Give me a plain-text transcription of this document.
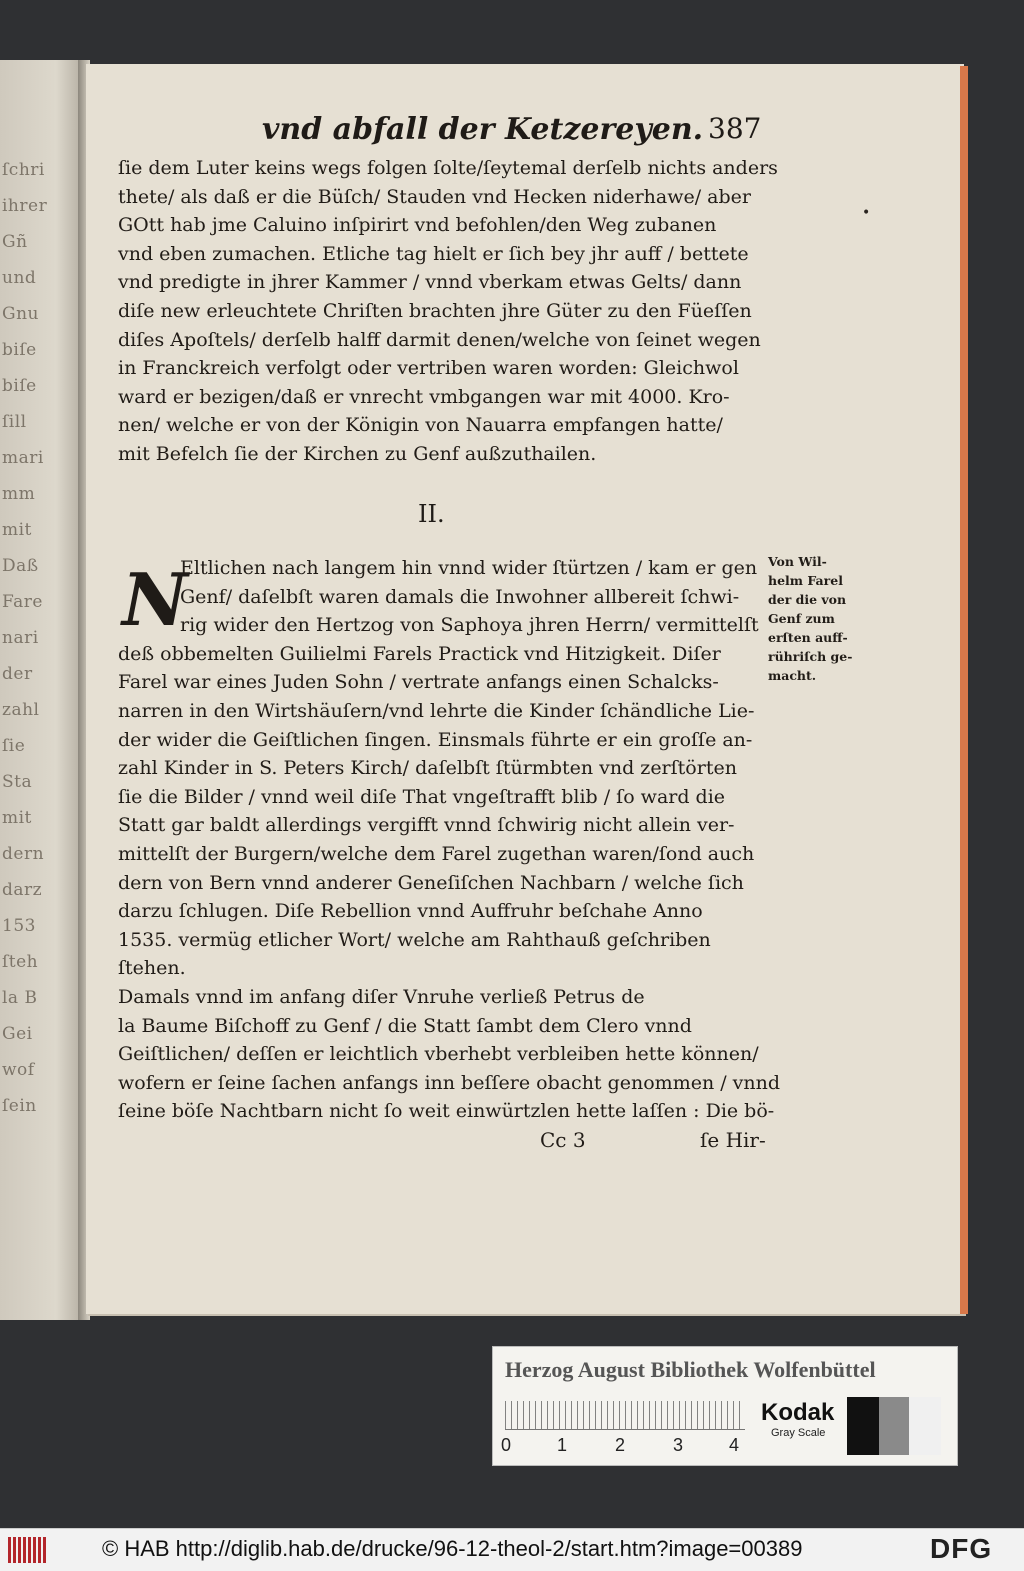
ſchri
ihrer
Gñ
und
Gnu
biſe
biſe
ſill
mari
mm
mit
Daß
Fare
nari
der
zahl
ſie
Sta
mit
dern
darz
153
ſteh
la B
Gei
wof
ſein
vnd abfall der Ketzereyen. 387
•
ſie dem Luter keins wegs folgen ſolte/ſeytemal derſelb nichts anders
thete/ als daß er die Büſch/ Stauden vnd Hecken niderhawe/ aber
GOtt hab jme Caluino inſpirirt vnd befohlen/den Weg zubanen
vnd eben zumachen. Etliche tag hielt er ſich bey jhr auff / bettete
vnd predigte in jhrer Kammer / vnnd vberkam etwas Gelts/ dann
diſe new erleuchtete Chriſten brachten jhre Güter zu den Füeſſen
diſes Apoſtels/ derſelb halff darmit denen/welche von ſeinet wegen
in Franckreich verfolgt oder vertriben waren worden: Gleichwol
ward er bezigen/daß er vnrecht vmbgangen war mit 4000. Kro-
nen/ welche er von der Königin von Nauarra empfangen hatte/
mit Befelch ſie der Kirchen zu Genf außzuthailen.
II.
N
Eltlichen nach langem hin vnnd wider ſtürtzen / kam er gen
Genf/ daſelbſt waren damals die Inwohner allbereit ſchwi-
rig wider den Hertzog von Saphoya jhren Herrn/ vermittelſt
deß obbemelten Guilielmi Farels Practick vnd Hitzigkeit. Diſer
Farel war eines Juden Sohn / vertrate anfangs einen Schalcks-
narren in den Wirtshäuſern/vnd lehrte die Kinder ſchändliche Lie-
der wider die Geiſtlichen ſingen. Einsmals führte er ein groſſe an-
zahl Kinder in S. Peters Kirch/ daſelbſt ſtürmbten vnd zerſtörten
ſie die Bilder / vnnd weil diſe That vngeſtrafft blib / ſo ward die
Statt gar baldt allerdings vergifft vnnd ſchwirig nicht allein ver-
mittelſt der Burgern/welche dem Farel zugethan waren/ſond auch
dern von Bern vnnd anderer Geneſiſchen Nachbarn / welche ſich
darzu ſchlugen. Diſe Rebellion vnnd Auffruhr beſchahe Anno
1535. vermüg etlicher Wort/ welche am Rahthauß geſchriben
ſtehen.
Damals vnnd im anfang diſer Vnruhe verließ Petrus de
la Baume Biſchoff zu Genf / die Statt ſambt dem Clero vnnd
Geiſtlichen/ deſſen er leichtlich vberhebt verbleiben hette können/
wofern er ſeine ſachen anfangs inn beſſere obacht genommen / vnnd
ſeine böſe Nachtbarn nicht ſo weit einwürtzlen hette laſſen : Die bö-
Von Wil-
helm Farel
der die von
Genf zum
erſten auff-
rühriſch ge-
macht.
Cc 3	ſe Hir-
Herzog August Bibliothek Wolfenbüttel
0	1	2	3	4
Kodak
Gray Scale
© HAB http://diglib.hab.de/drucke/96-12-theol-2/start.htm?image=00389	DFG
